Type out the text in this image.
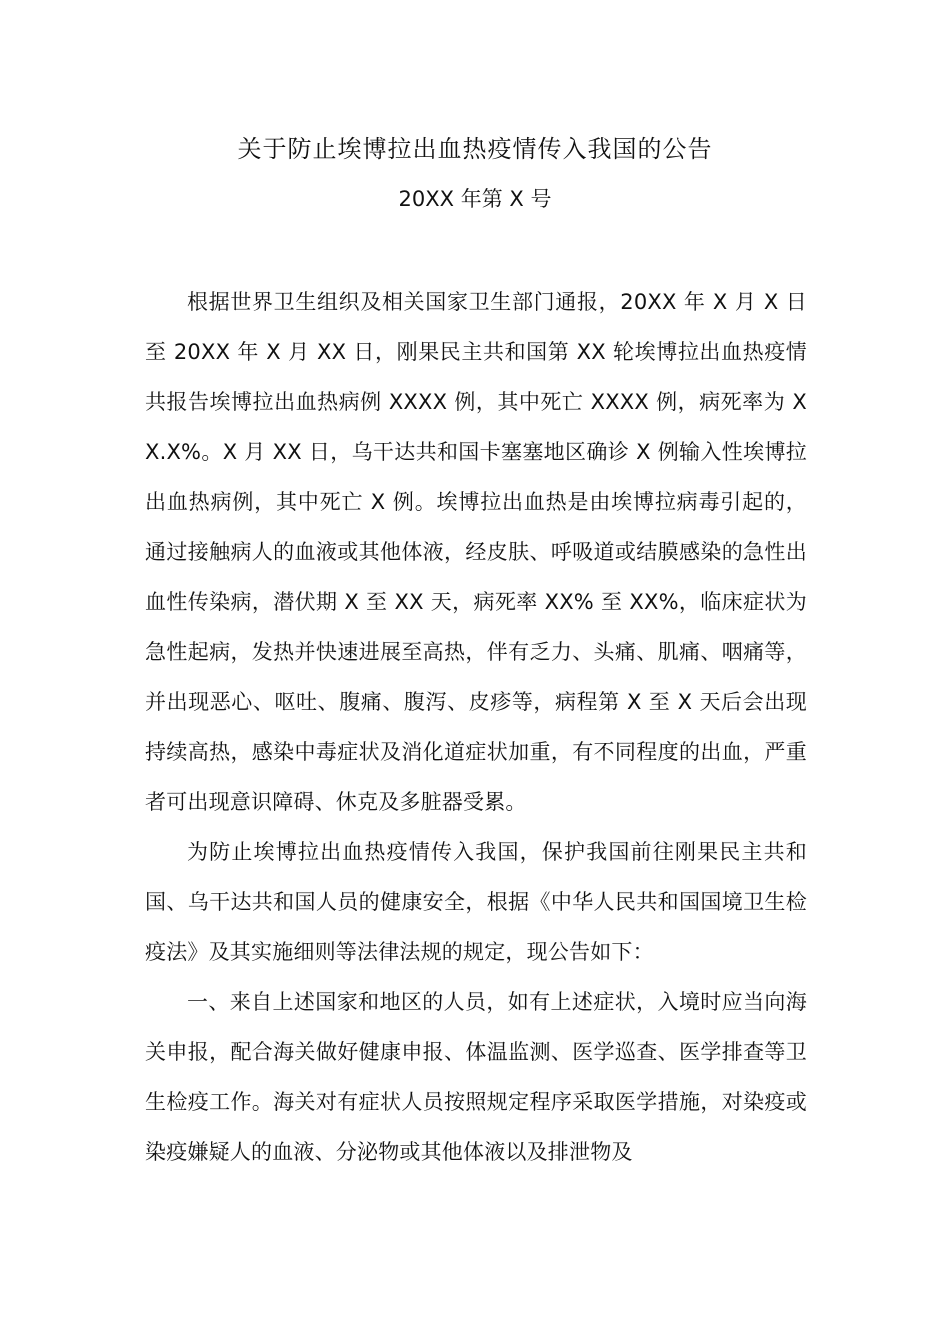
关于防止埃博拉出血热疫情传入我国的公告
20XX 年第 X 号

根据世界卫生组织及相关国家卫生部门通报，20XX 年 X 月 X 日至 20XX 年 X 月 XX 日，刚果民主共和国第 XX 轮埃博拉出血热疫情共报告埃博拉出血热病例 XXXX 例，其中死亡 XXXX 例，病死率为 XX.X%。X 月 XX 日，乌干达共和国卡塞塞地区确诊 X 例输入性埃博拉出血热病例，其中死亡 X 例。埃博拉出血热是由埃博拉病毒引起的，通过接触病人的血液或其他体液，经皮肤、呼吸道或结膜感染的急性出血性传染病，潜伏期 X 至 XX 天，病死率 XX% 至 XX%，临床症状为急性起病，发热并快速进展至高热，伴有乏力、头痛、肌痛、咽痛等，并出现恶心、呕吐、腹痛、腹泻、皮疹等，病程第 X 至 X 天后会出现持续高热，感染中毒症状及消化道症状加重，有不同程度的出血，严重者可出现意识障碍、休克及多脏器受累。

为防止埃博拉出血热疫情传入我国，保护我国前往刚果民主共和国、乌干达共和国人员的健康安全，根据《中华人民共和国国境卫生检疫法》及其实施细则等法律法规的规定，现公告如下：

一、来自上述国家和地区的人员，如有上述症状，入境时应当向海关申报，配合海关做好健康申报、体温监测、医学巡查、医学排查等卫生检疫工作。海关对有症状人员按照规定程序采取医学措施，对染疫或染疫嫌疑人的血液、分泌物或其他体液以及排泄物及
